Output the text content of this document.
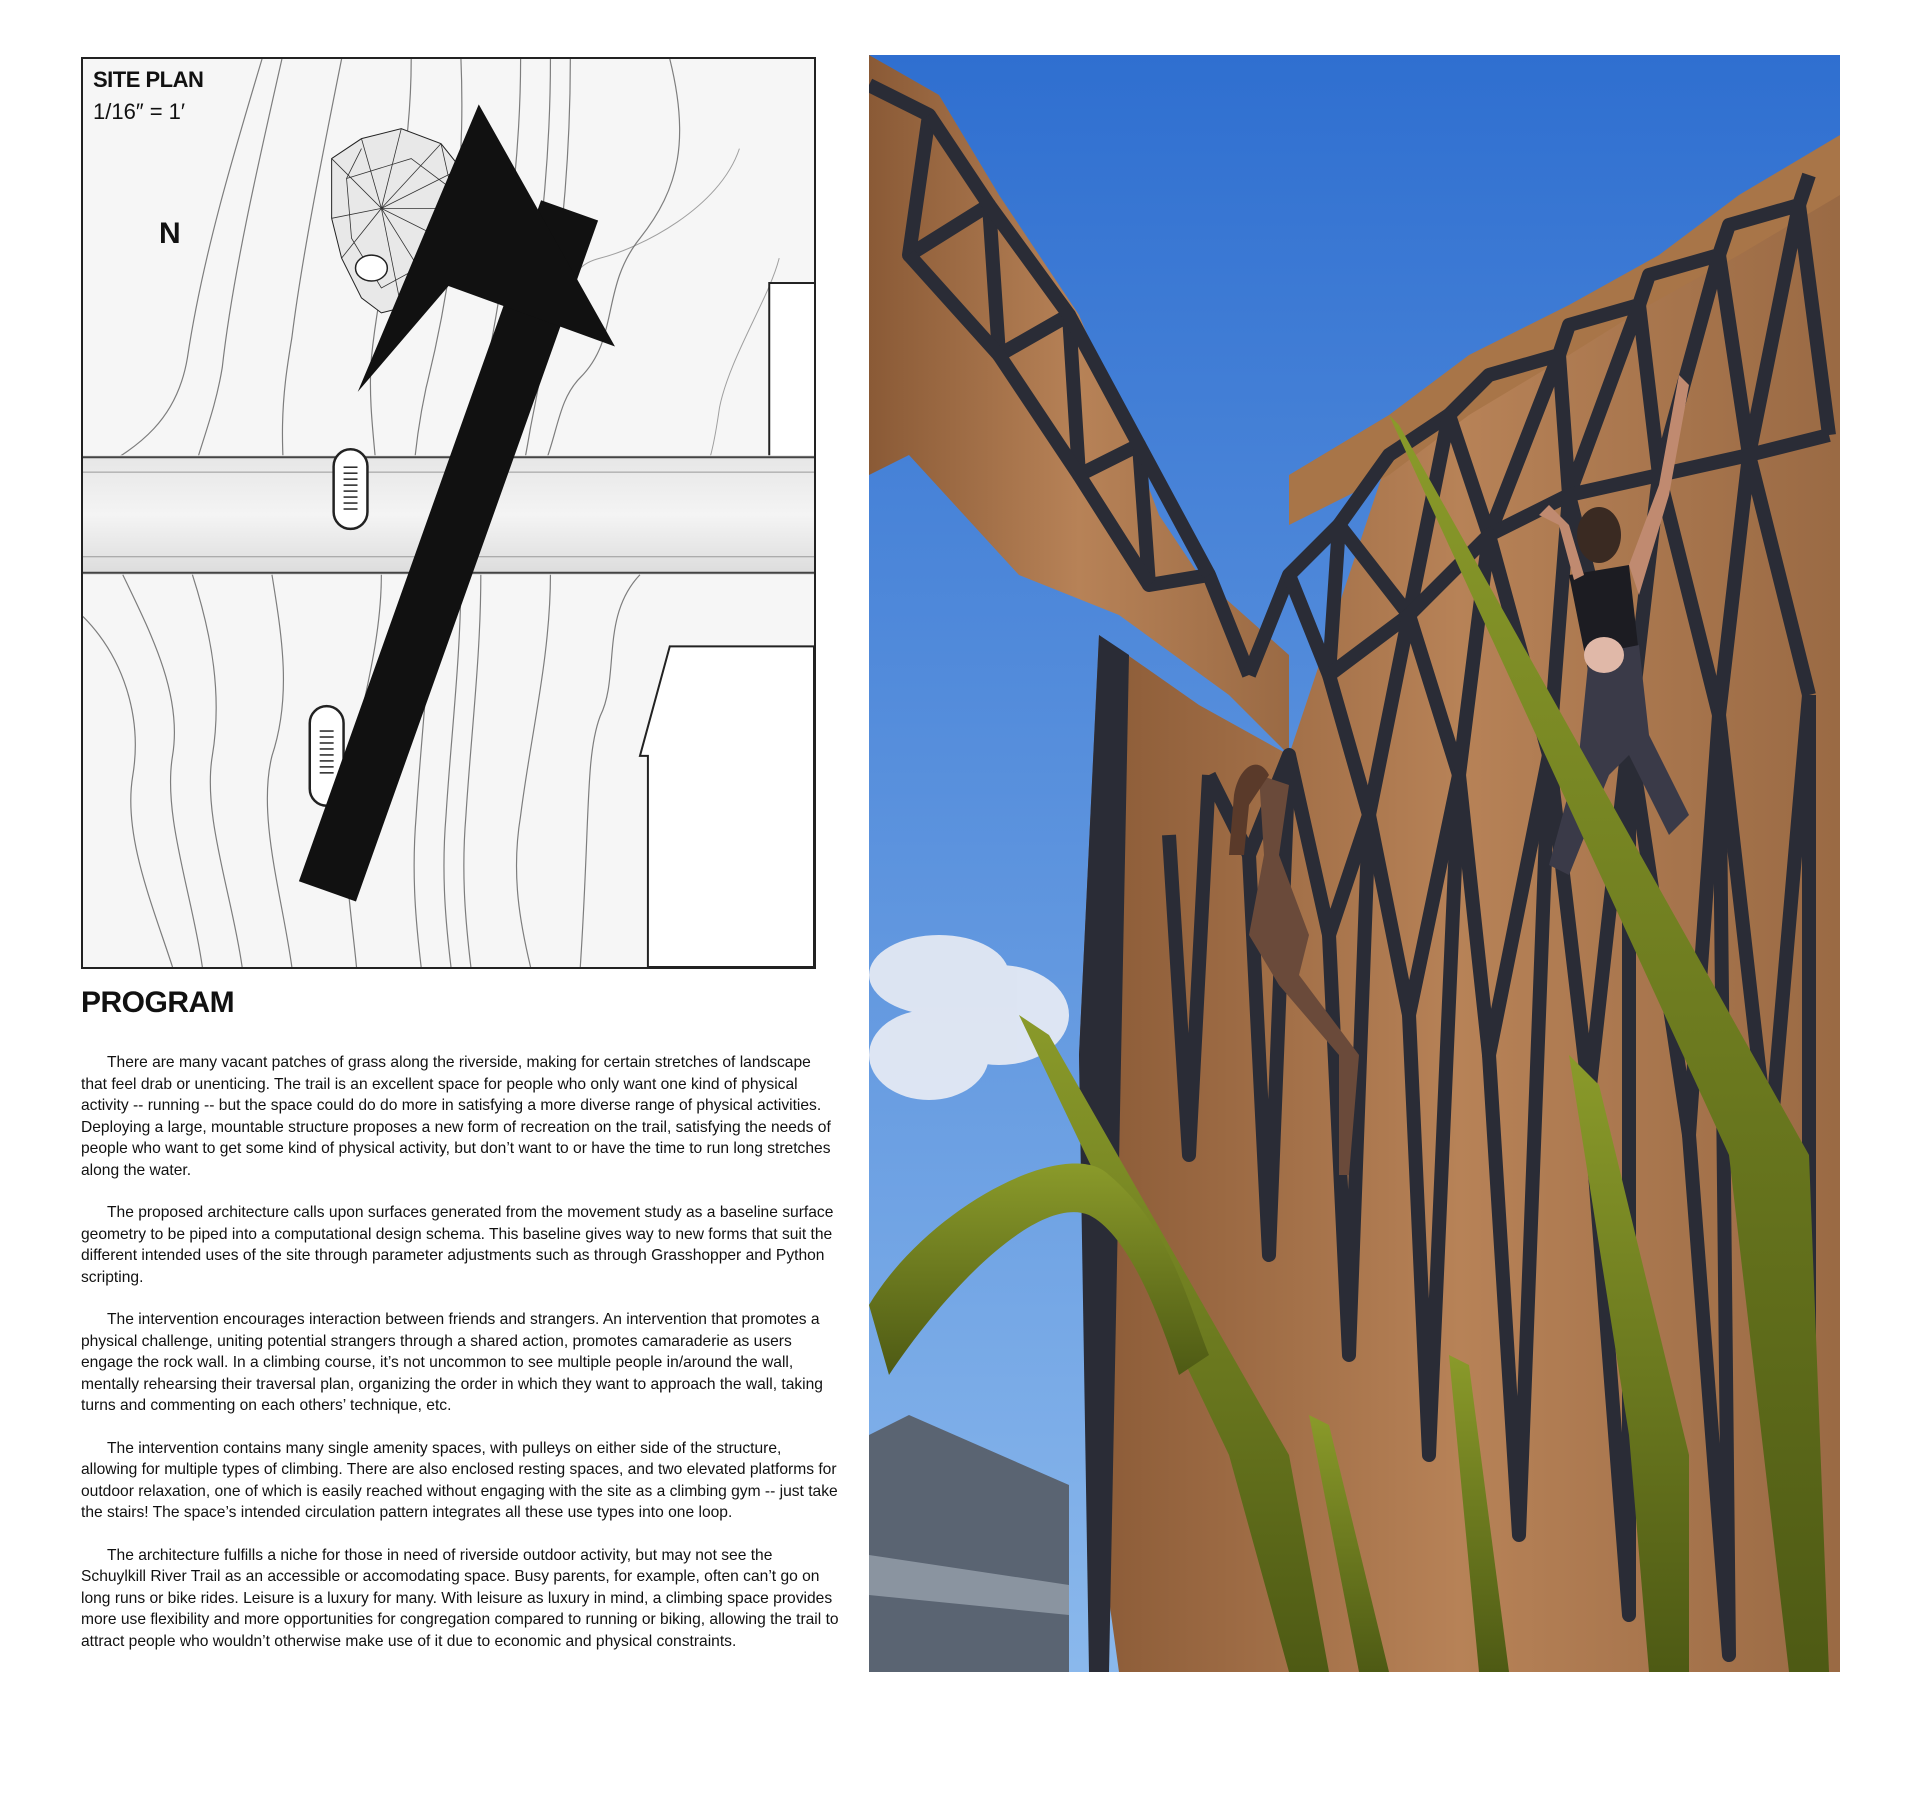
SITE PLAN
1/16″ = 1′
N
PROGRAM

There are many vacant patches of grass along the riverside, making for certain stretches of landscape that feel drab or unenticing. The trail is an excellent space for people who only want one kind of physical activity -- running -- but the space could do do more in satisfying a more diverse range of physical activities. Deploying a large, mountable structure proposes a new form of recreation on the trail, satisfying the needs of people who want to get some kind of physical activity, but don’t want to or have the time to run long stretches along the water.

The proposed architecture calls upon surfaces generated from the movement study as a baseline surface geometry to be piped into a computational design schema. This baseline gives way to new forms that suit the different intended uses of the site through parameter adjustments such as through Grasshopper and Python scripting.

The intervention encourages interaction between friends and strangers. An intervention that promotes a physical challenge, uniting potential strangers through a shared action, promotes camaraderie as users engage the rock wall. In a climbing course, it’s not uncommon to see multiple people in/around the wall, mentally rehearsing their traversal plan, organizing the order in which they want to approach the wall, taking turns and commenting on each others’ technique, etc.

The intervention contains many single amenity spaces, with pulleys on either side of the structure, allowing for multiple types of climbing. There are also enclosed resting spaces, and two elevated platforms for outdoor relaxation, one of which is easily reached without engaging with the site as a climbing gym -- just take the stairs! The space’s intended circulation pattern integrates all these use types into one loop.

The architecture fulfills a niche for those in need of riverside outdoor activity, but may not see the Schuylkill River Trail as an accessible or accomodating space. Busy parents, for example, often can’t go on long runs or bike rides. Leisure is a luxury for many. With leisure as luxury in mind, a climbing space provides more use flexibility and more opportunities for congregation compared to running or biking, allowing the trail to attract people who wouldn’t otherwise make use of it due to economic and physical constraints.
